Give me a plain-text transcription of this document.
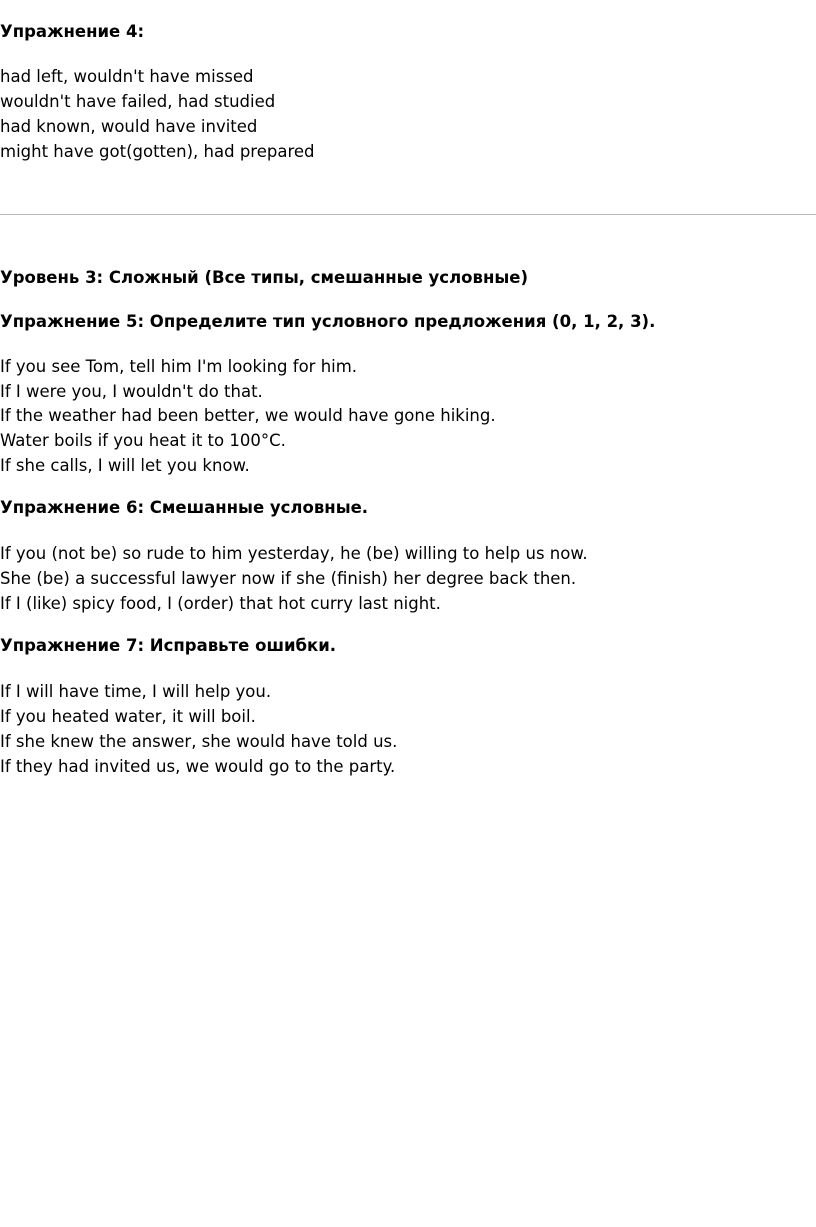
Упражнение 4:

had left, wouldn't have missed

wouldn't have failed, had studied

had known, would have invited

might have got(gotten), had prepared

Уровень 3: Сложный (Все типы, смешанные условные)

Упражнение 5: Определите тип условного предложения (0, 1, 2, 3).

If you see Tom, tell him I'm looking for him.

If I were you, I wouldn't do that.

If the weather had been better, we would have gone hiking.

Water boils if you heat it to 100°C.

If she calls, I will let you know.

Упражнение 6: Смешанные условные.

If you (not be) so rude to him yesterday, he (be) willing to help us now.

She (be) a successful lawyer now if she (finish) her degree back then.

If I (like) spicy food, I (order) that hot curry last night.

Упражнение 7: Исправьте ошибки.

If I will have time, I will help you.

If you heated water, it will boil.

If she knew the answer, she would have told us.

If they had invited us, we would go to the party.
